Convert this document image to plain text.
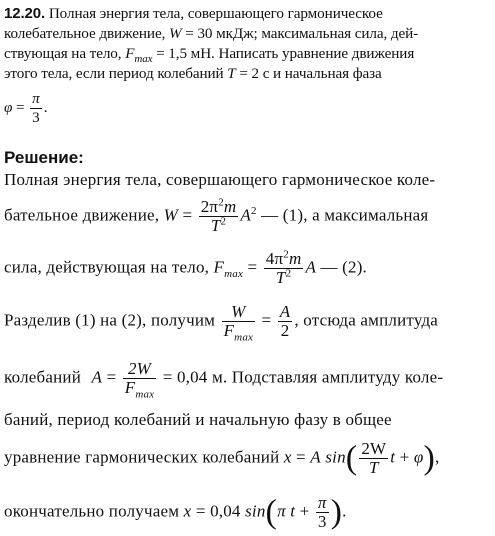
12.20. Полная энергия тела, совершающего гармоническое
колебательное движение, W = 30 мкДж; максимальная сила, дей-
ствующая на тело, $F_{max} = 1,5$ мН. Написать уравнение движения
этого тела, если период колебаний T = 2 с и начальная фаза
$\varphi = \frac{\pi}{3}$ .
Решение:
Полная энергия тела, совершающего гармоническое коле-
бательное движение, $W = \frac{2\pi^2m}{T^2} A^2$ — (1), а максимальная
сила, действующая на тело, $F_{max} = \frac{4\pi^2m}{T^2}$ A — (2).
Разделив (1) на (2), получим $\frac{W}{F_{max}} = \frac{A}{2}$ , отсюда амплитуда
колебаний $A = \frac{2W}{F_{max}} = 0,04$ м. Подставляя амплитуду коле-
баний, период колебаний и начальную фазу в общее
уравнение гармонических колебаний x = A $\sin( \frac{2W}{T}$ t + φ),
окончательно получаем x = 0,04 sin(π $t + \frac{\pi}{3}$ ).
